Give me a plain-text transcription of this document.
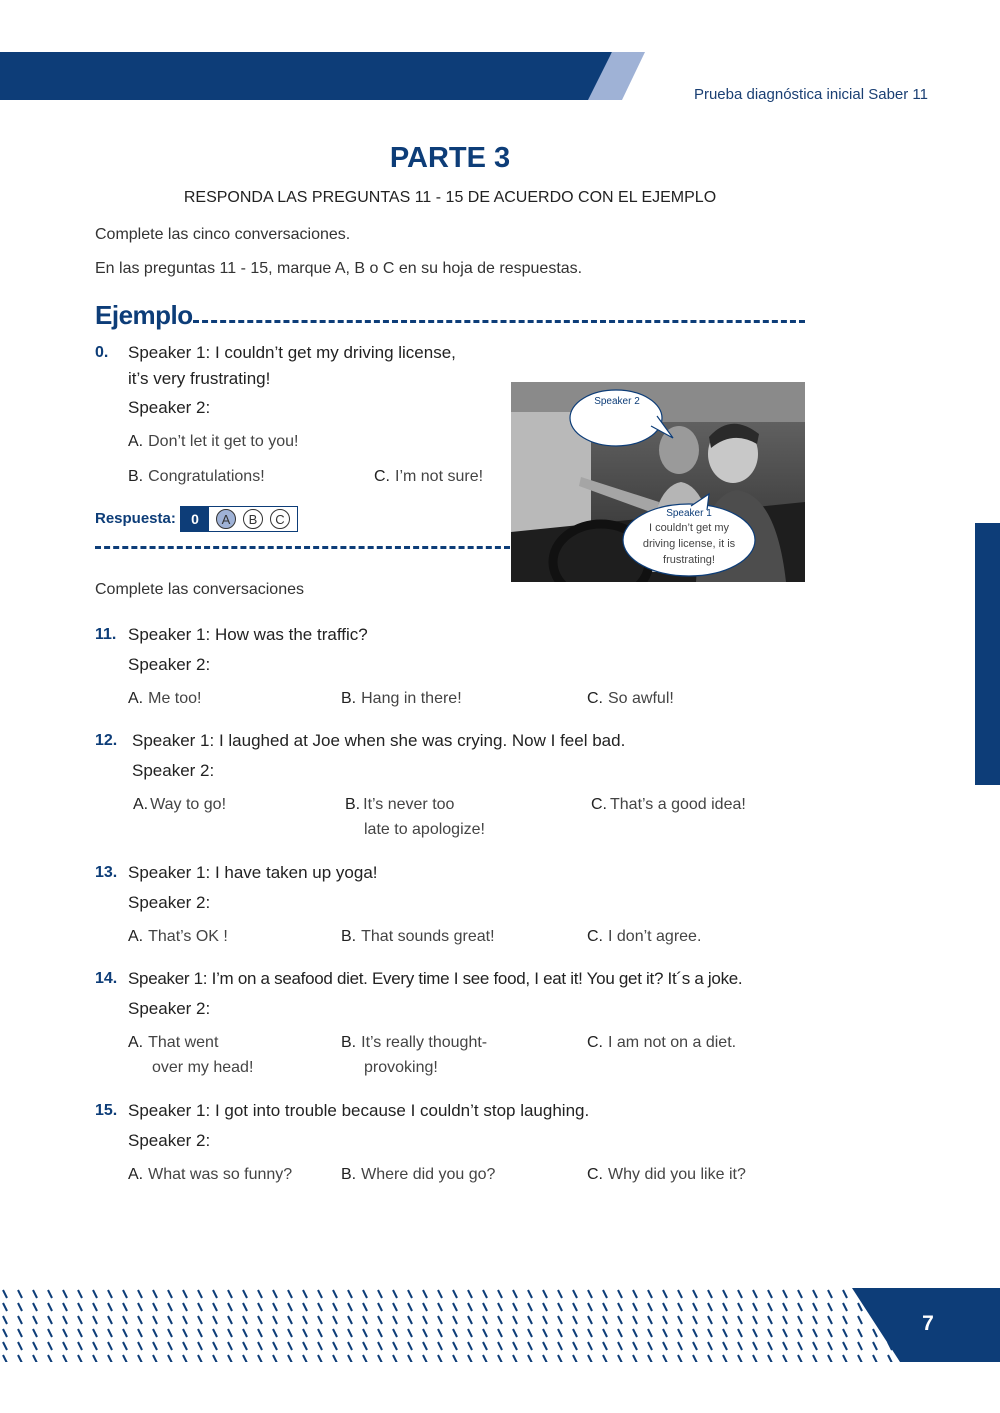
Prueba diagnóstica inicial Saber 11
PARTE 3
RESPONDA LAS PREGUNTAS 11 - 15 DE ACUERDO CON EL EJEMPLO
Complete las cinco conversaciones.
En las preguntas 11 - 15, marque A, B o C en su hoja de respuestas.
Ejemplo
0. Speaker 1: I couldn’t get my driving license,
it’s very frustrating!
Speaker 2:
A. Don’t let it get to you!
B. Congratulations!	C. I’m not sure!
Respuesta:	0	A	B	C
Speaker 2
Speaker 1
I couldn’t get my
driving license, it is
frustrating!
Complete las conversaciones
11. Speaker 1: How was the traffic?
Speaker 2:
A. Me too!	B. Hang in there!	C. So awful!
12. Speaker 1: I laughed at Joe when she was crying. Now I feel bad.
Speaker 2:
A. Way to go!	B. It’s never too
late to apologize!
C. That’s a good idea!
13. Speaker 1: I have taken up yoga!
Speaker 2:
A. That’s OK !	B. That sounds great!	C. I don’t agree.
14. Speaker 1: I’m on a seafood diet. Every time I see food, I eat it! You get it? It´s a joke.
Speaker 2:
A. That went
over my head!
B. It’s really thought-
provoking!
C. I am not on a diet.
15. Speaker 1: I got into trouble because I couldn’t stop laughing.
Speaker 2:
A. What was so funny?	B. Where did you go?	C. Why did you like it?
7
